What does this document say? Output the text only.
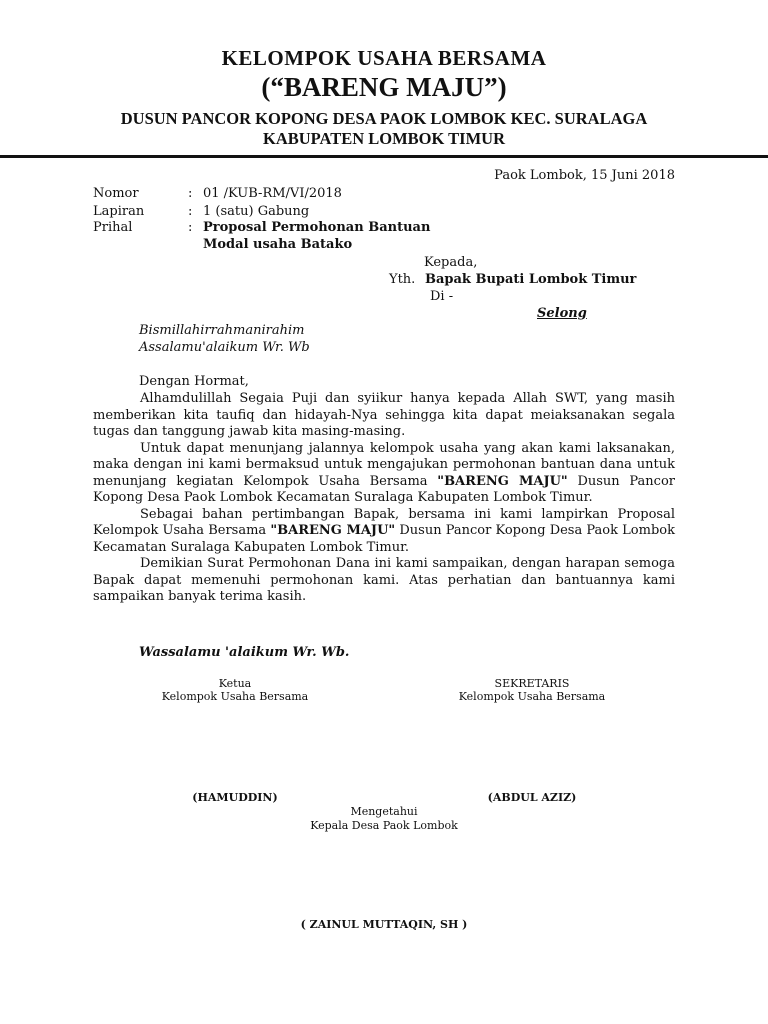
KELOMPOK USAHA BERSAMA
(“BARENG MAJU”)
DUSUN PANCOR KOPONG DESA PAOK LOMBOK KEC. SURALAGA
KABUPATEN LOMBOK TIMUR
Paok Lombok, 15 Juni 2018
Nomor	: 01 /KUB-RM/VI/2018
Lapiran	: 1 (satu) Gabung
Prihal	: Proposal Permohonan Bantuan
Modal usaha Batako
Kepada,
Yth. Bapak Bupati Lombok Timur
Di -
Selong
Bismillahirrahmanirahim
Assalamu'alaikum Wr. Wb
Dengan Hormat,

Alhamdulillah Segaia Puji dan syiikur hanya kepada Allah SWT, yang masih memberikan kita taufiq dan hidayah-Nya sehingga kita dapat meiaksanakan segala tugas dan tanggung jawab kita masing-masing.

Untuk dapat menunjang jalannya kelompok usaha yang akan kami laksanakan, maka dengan ini kami bermaksud untuk mengajukan permohonan bantuan dana untuk menunjang kegiatan Kelompok Usaha Bersama "BARENG MAJU" Dusun Pancor Kopong Desa Paok Lombok Kecamatan Suralaga Kabupaten Lombok Timur.

Sebagai bahan pertimbangan Bapak, bersama ini kami lampirkan Proposal Kelompok Usaha Bersama "BARENG MAJU" Dusun Pancor Kopong Desa Paok Lombok Kecamatan Suralaga Kabupaten Lombok Timur.

Demikian Surat Permohonan Dana ini kami sampaikan, dengan harapan semoga Bapak dapat memenuhi permohonan kami. Atas perhatian dan bantuannya kami sampaikan banyak terima kasih.

Wassalamu 'alaikum Wr. Wb.
Ketua
Kelompok Usaha Bersama
SEKRETARIS
Kelompok Usaha Bersama
(HAMUDDIN)	(ABDUL AZIZ)
Mengetahui
Kepala Desa Paok Lombok
( ZAINUL MUTTAQIN, SH )
